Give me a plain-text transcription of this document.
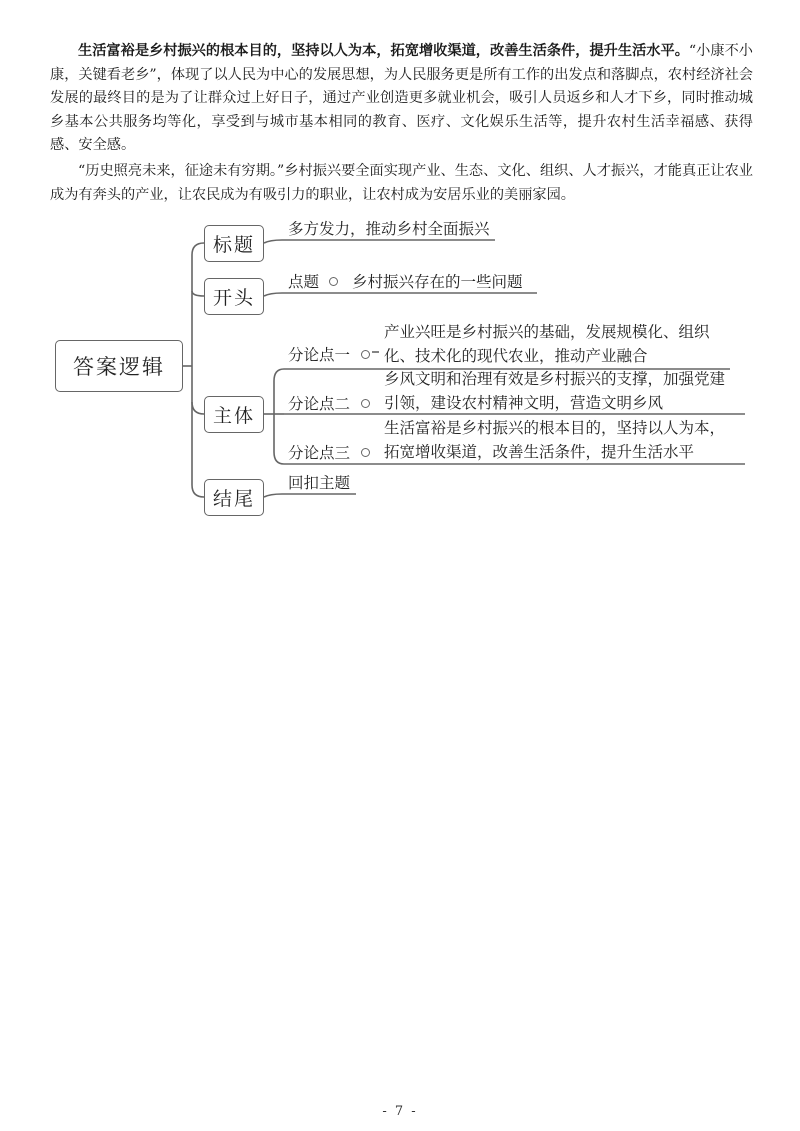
生活富裕是乡村振兴的根本目的，坚持以人为本，拓宽增收渠道，改善生活条件，提升生活水平。“小康不小康，关键看老乡”，体现了以人民为中心的发展思想，为人民服务更是所有工作的出发点和落脚点，农村经济社会发展的最终目的是为了让群众过上好日子，通过产业创造更多就业机会，吸引人员返乡和人才下乡，同时推动城乡基本公共服务均等化，享受到与城市基本相同的教育、医疗、文化娱乐生活等，提升农村生活幸福感、获得感、安全感。

“历史照亮未来，征途未有穷期。”乡村振兴要全面实现产业、生态、文化、组织、人才振兴，才能真正让农业成为有奔头的产业，让农民成为有吸引力的职业，让农村成为安居乐业的美丽家园。

答案逻辑
标题
多方发力，推动乡村全面振兴
开头
点题 乡村振兴存在的一些问题
主体
分论点一
产业兴旺是乡村振兴的基础，发展规模化、组织
化、技术化的现代农业，推动产业融合
分论点二
乡风文明和治理有效是乡村振兴的支撑，加强党建
引领，建设农村精神文明，营造文明乡风
分论点三
生活富裕是乡村振兴的根本目的，坚持以人为本，
拓宽增收渠道，改善生活条件，提升生活水平
结尾
回扣主题
- 7 -
